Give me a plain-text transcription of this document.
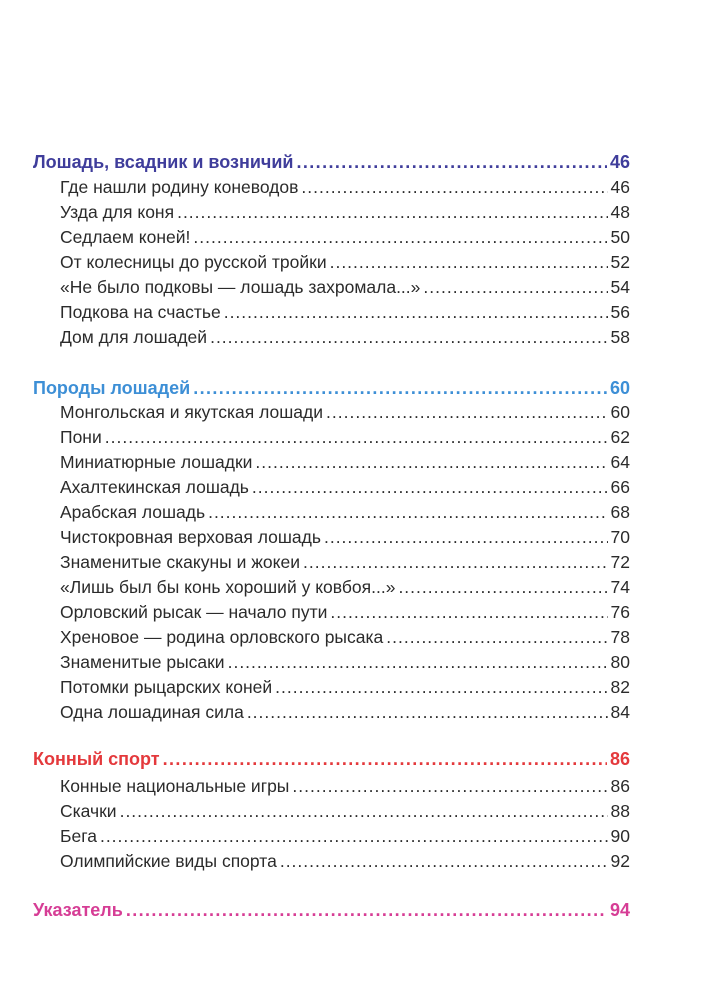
Лошадь, всадник и возничий .....	46
Где нашли родину коневодов .....	46
Узда для коня .....	48
Седлаем коней! .....	50
От колесницы до русской тройки .....	52
«Не было подковы — лошадь захромала...» .....	54
Подкова на счастье .....	56
Дом для лошадей .....	58
Породы лошадей .....	60
Монгольская и якутская лошади .....	60
Пони .....	62
Миниатюрные лошадки .....	64
Ахалтекинская лошадь .....	66
Арабская лошадь .....	68
Чистокровная верховая лошадь .....	70
Знаменитые скакуны и жокеи .....	72
«Лишь был бы конь хороший у ковбоя...» .....	74
Орловский рысак — начало пути .....	76
Хреновое — родина орловского рысака .....	78
Знаменитые рысаки .....	80
Потомки рыцарских коней .....	82
Одна лошадиная сила .....	84
Конный спорт .....	86
Конные национальные игры .....	86
Скачки .....	88
Бега .....	90
Олимпийские виды спорта .....	92
Указатель .....	94
